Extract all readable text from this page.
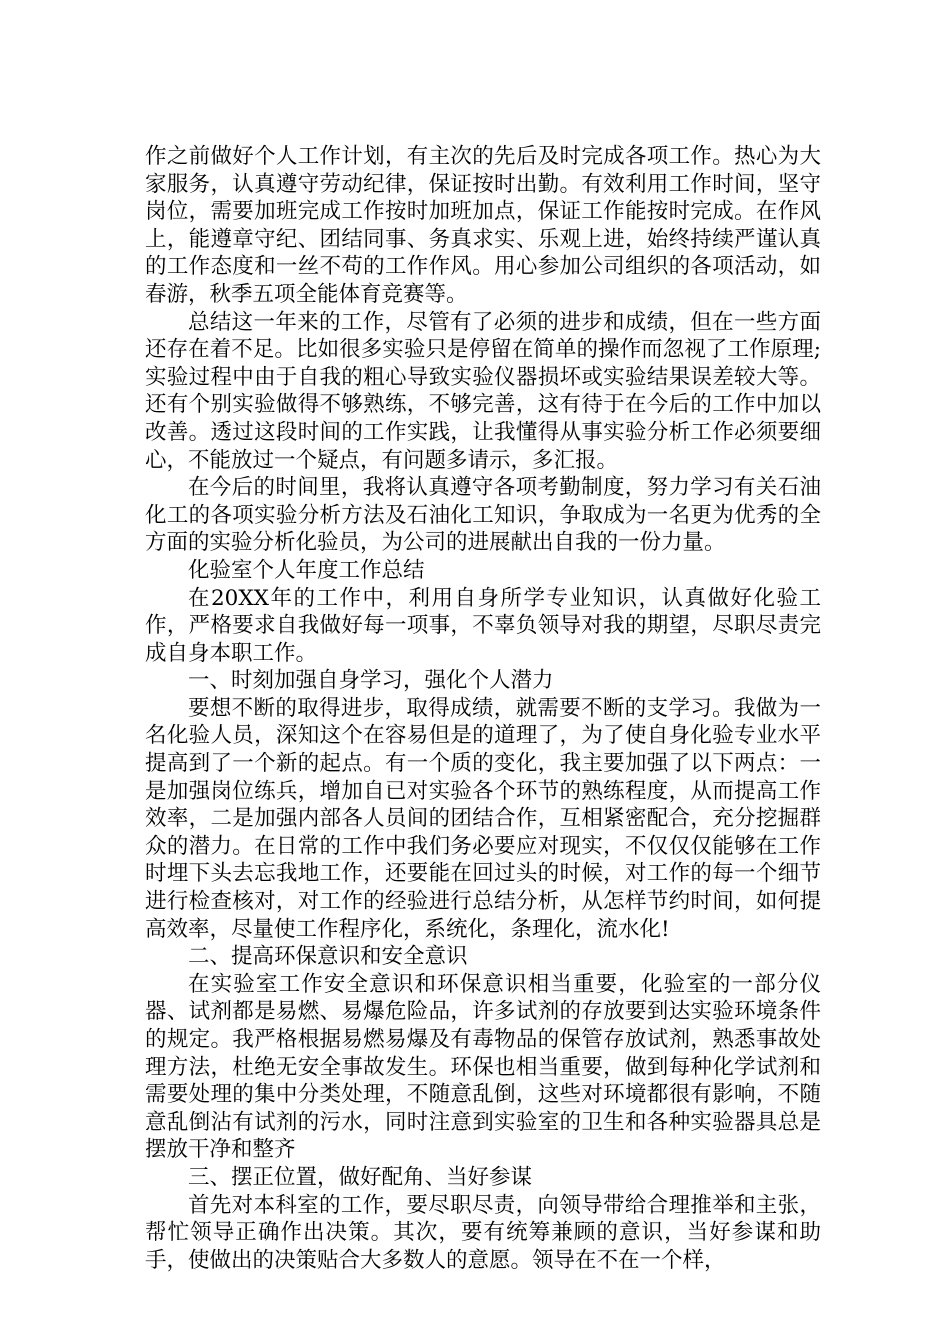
作之前做好个人工作计划，有主次的先后及时完成各项工作。热心为大家服务，认真遵守劳动纪律，保证按时出勤。有效利用工作时间，坚守岗位，需要加班完成工作按时加班加点，保证工作能按时完成。在作风上，能遵章守纪、团结同事、务真求实、乐观上进，始终持续严谨认真的工作态度和一丝不苟的工作作风。用心参加公司组织的各项活动，如春游，秋季五项全能体育竞赛等。

总结这一年来的工作，尽管有了必须的进步和成绩，但在一些方面还存在着不足。比如很多实验只是停留在简单的操作而忽视了工作原理;实验过程中由于自我的粗心导致实验仪器损坏或实验结果误差较大等。还有个别实验做得不够熟练，不够完善，这有待于在今后的工作中加以改善。透过这段时间的工作实践，让我懂得从事实验分析工作必须要细心，不能放过一个疑点，有问题多请示，多汇报。

在今后的时间里，我将认真遵守各项考勤制度，努力学习有关石油化工的各项实验分析方法及石油化工知识，争取成为一名更为优秀的全方面的实验分析化验员，为公司的进展献出自我的一份力量。

化验室个人年度工作总结

在20XX年的工作中，利用自身所学专业知识，认真做好化验工作，严格要求自我做好每一项事，不辜负领导对我的期望，尽职尽责完成自身本职工作。

一、时刻加强自身学习，强化个人潜力

要想不断的取得进步，取得成绩，就需要不断的支学习。我做为一名化验人员，深知这个在容易但是的道理了，为了使自身化验专业水平提高到了一个新的起点。有一个质的变化，我主要加强了以下两点：一是加强岗位练兵，增加自已对实验各个环节的熟练程度，从而提高工作效率，二是加强内部各人员间的团结合作，互相紧密配合，充分挖掘群众的潜力。在日常的工作中我们务必要应对现实，不仅仅仅能够在工作时埋下头去忘我地工作，还要能在回过头的时候，对工作的每一个细节进行检查核对，对工作的经验进行总结分析，从怎样节约时间，如何提高效率，尽量使工作程序化，系统化，条理化，流水化!

二、提高环保意识和安全意识

在实验室工作安全意识和环保意识相当重要，化验室的一部分仪器、试剂都是易燃、易爆危险品，许多试剂的存放要到达实验环境条件的规定。我严格根据易燃易爆及有毒物品的保管存放试剂，熟悉事故处理方法，杜绝无安全事故发生。环保也相当重要，做到每种化学试剂和需要处理的集中分类处理，不随意乱倒，这些对环境都很有影响，不随意乱倒沾有试剂的污水，同时注意到实验室的卫生和各种实验器具总是摆放干净和整齐

三、摆正位置，做好配角、当好参谋

首先对本科室的工作，要尽职尽责，向领导带给合理推举和主张，帮忙领导正确作出决策。其次，要有统筹兼顾的意识，当好参谋和助手，使做出的决策贴合大多数人的意愿。领导在不在一个样，
